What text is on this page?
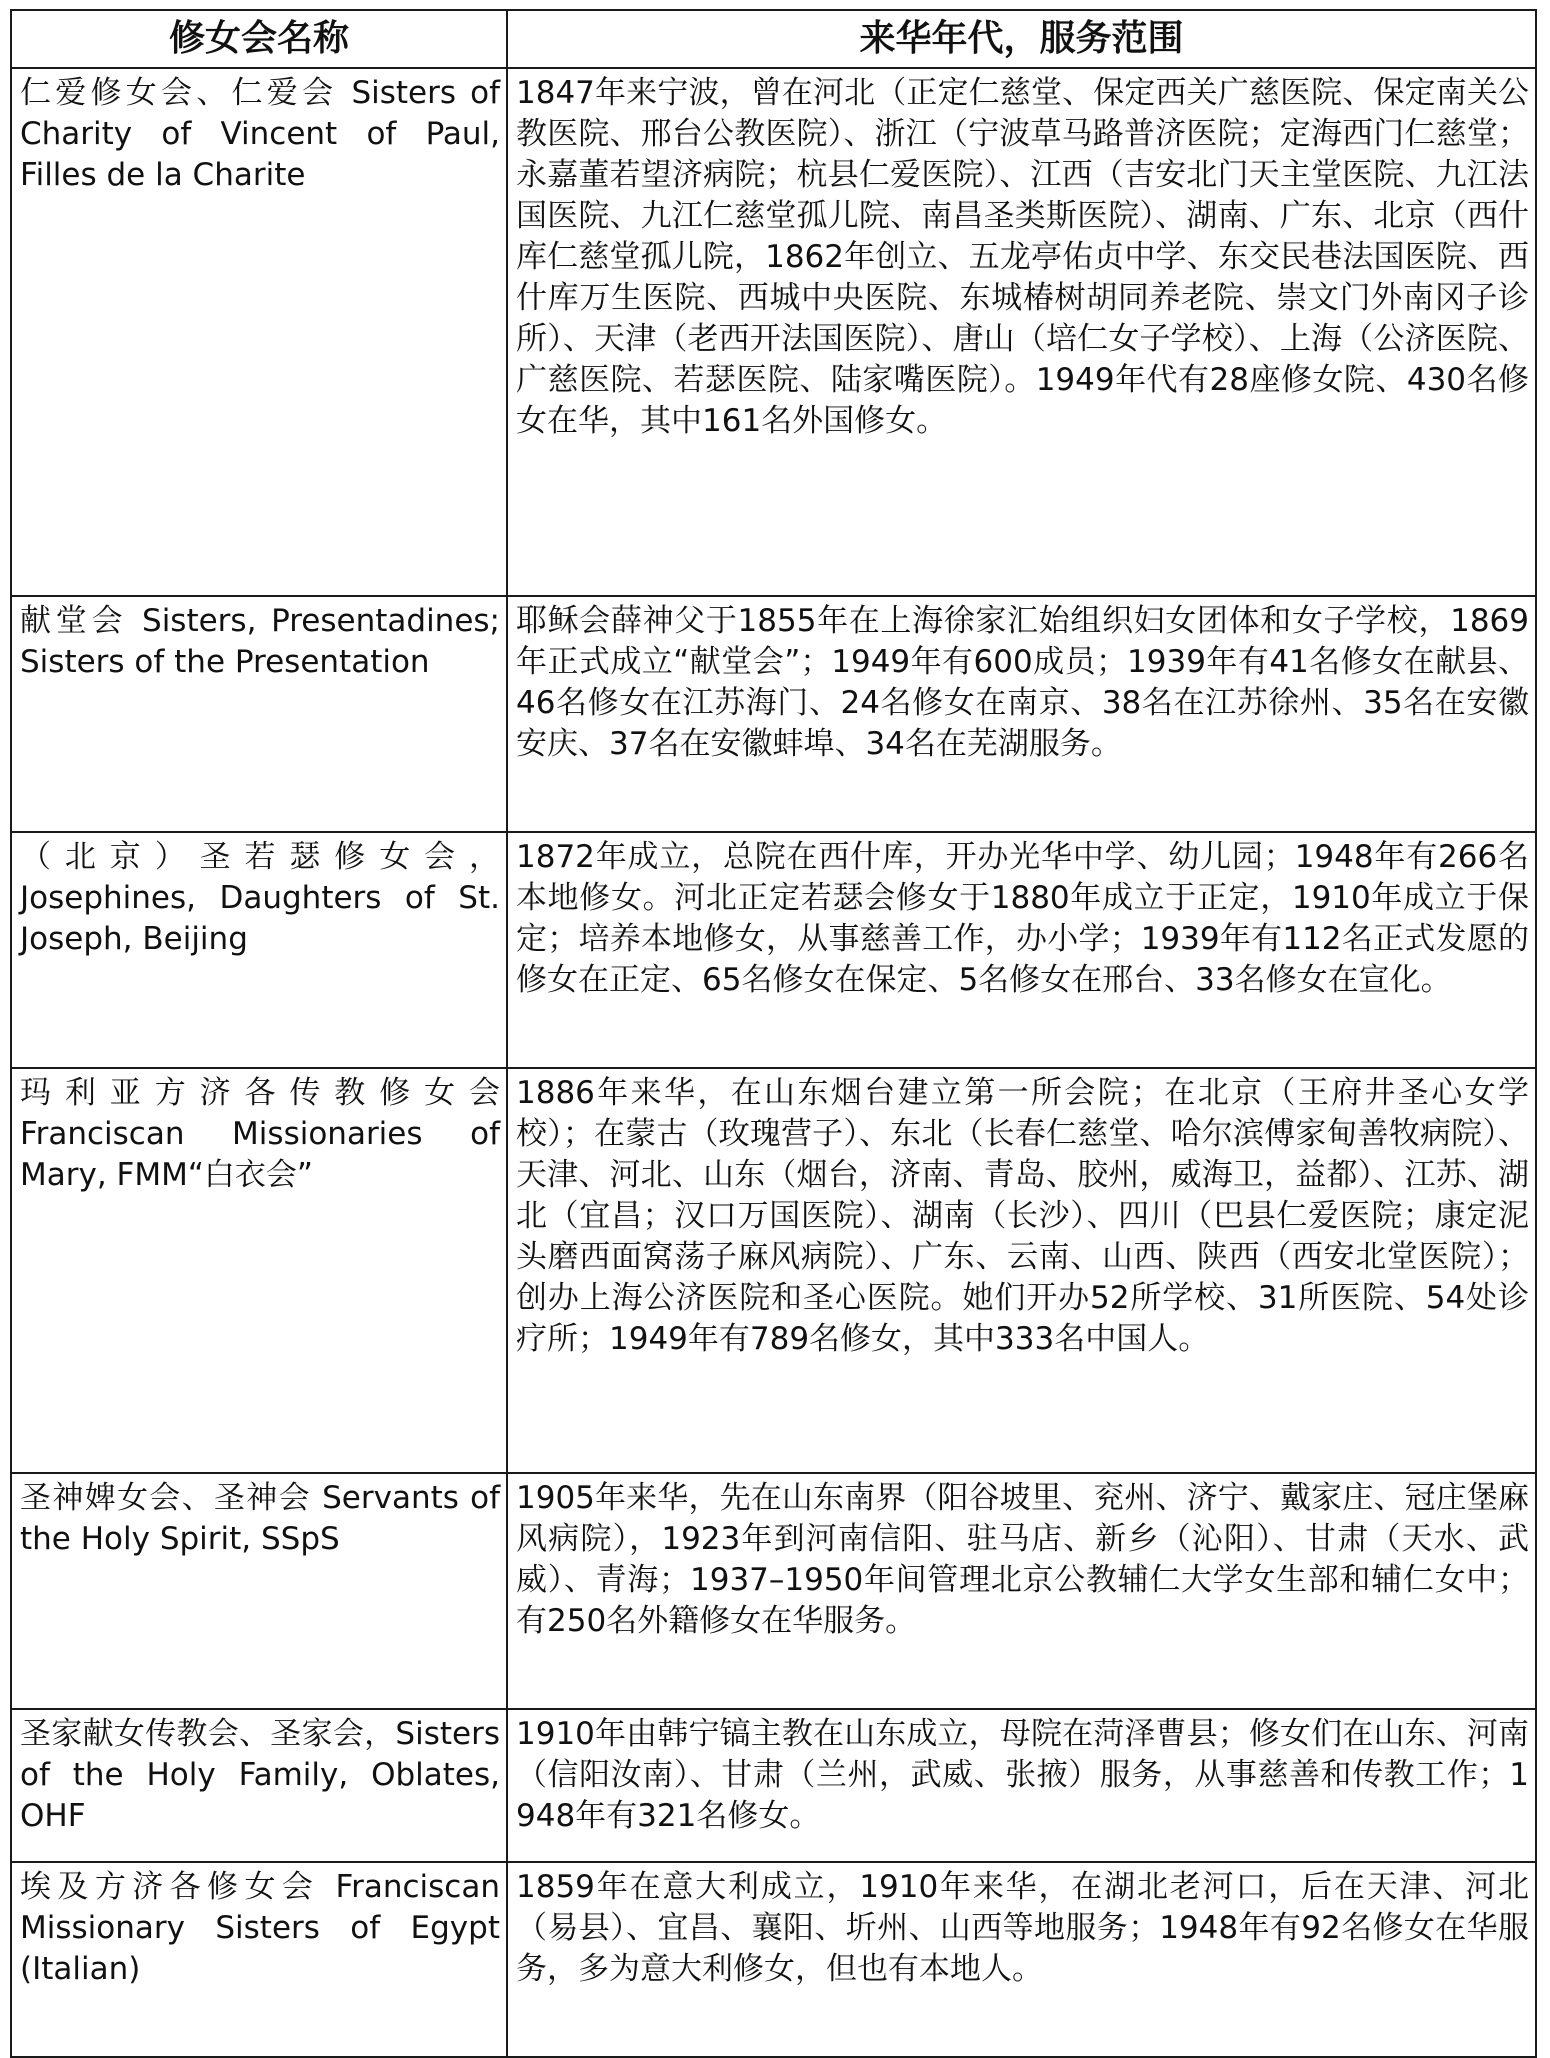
修女会名称	来华年代，服务范围
仁爱修女会、仁爱会 Sisters of Charity of Vincent of Paul, Filles de la Charite	1847年来宁波，曾在河北（正定仁慈堂、保定西关广慈医院、保定南关公教医院、邢台公教医院）、浙江（宁波草马路普济医院；定海西门仁慈堂；永嘉董若望济病院；杭县仁爱医院）、江西（吉安北门天主堂医院、九江法国医院、九江仁慈堂孤儿院、南昌圣类斯医院）、湖南、广东、北京（西什库仁慈堂孤儿院，1862年创立、五龙亭佑贞中学、东交民巷法国医院、西什库万生医院、西城中央医院、东城椿树胡同养老院、崇文门外南冈子诊所）、天津（老西开法国医院）、唐山（培仁女子学校）、上海（公济医院、广慈医院、若瑟医院、陆家嘴医院）。1949年代有28座修女院、430名修女在华，其中161名外国修女。
献堂会 Sisters, Presentadines; Sisters of the Presentation	耶稣会薛神父于1855年在上海徐家汇始组织妇女团体和女子学校，1869年正式成立“献堂会”；1949年有600成员；1939年有41名修女在献县、46名修女在江苏海门、24名修女在南京、38名在江苏徐州、35名在安徽安庆、37名在安徽蚌埠、34名在芜湖服务。
（北京）圣若瑟修女会，Josephines, Daughters of St. Joseph, Beijing	1872年成立，总院在西什库，开办光华中学、幼儿园；1948年有266名本地修女。河北正定若瑟会修女于1880年成立于正定，1910年成立于保定；培养本地修女，从事慈善工作，办小学；1939年有112名正式发愿的修女在正定、65名修女在保定、5名修女在邢台、33名修女在宣化。
玛利亚方济各传教修女会 Franciscan Missionaries of Mary, FMM“白衣会”	1886年来华，在山东烟台建立第一所会院；在北京（王府井圣心女学校）；在蒙古（玫瑰营子）、东北（长春仁慈堂、哈尔滨傅家甸善牧病院）、天津、河北、山东（烟台，济南、青岛、胶州，威海卫，益都）、江苏、湖北（宜昌；汉口万国医院）、湖南（长沙）、四川（巴县仁爱医院；康定泥头磨西面窝荡子麻风病院）、广东、云南、山西、陕西（西安北堂医院）；创办上海公济医院和圣心医院。她们开办52所学校、31所医院、54处诊疗所；1949年有789名修女，其中333名中国人。
圣神婢女会、圣神会 Servants of the Holy Spirit, SSpS	1905年来华，先在山东南界（阳谷坡里、兖州、济宁、戴家庄、冠庄堡麻风病院），1923年到河南信阳、驻马店、新乡（沁阳）、甘肃（天水、武威）、青海；1937–1950年间管理北京公教辅仁大学女生部和辅仁女中；有250名外籍修女在华服务。
圣家献女传教会、圣家会，Sisters of the Holy Family, Oblates, OHF	1910年由韩宁镐主教在山东成立，母院在菏泽曹县；修女们在山东、河南（信阳汝南）、甘肃（兰州，武威、张掖）服务，从事慈善和传教工作；1948年有321名修女。
埃及方济各修女会 Franciscan Missionary Sisters of Egypt (Italian)	1859年在意大利成立，1910年来华，在湖北老河口，后在天津、河北（易县）、宜昌、襄阳、圻州、山西等地服务；1948年有92名修女在华服务，多为意大利修女，但也有本地人。
